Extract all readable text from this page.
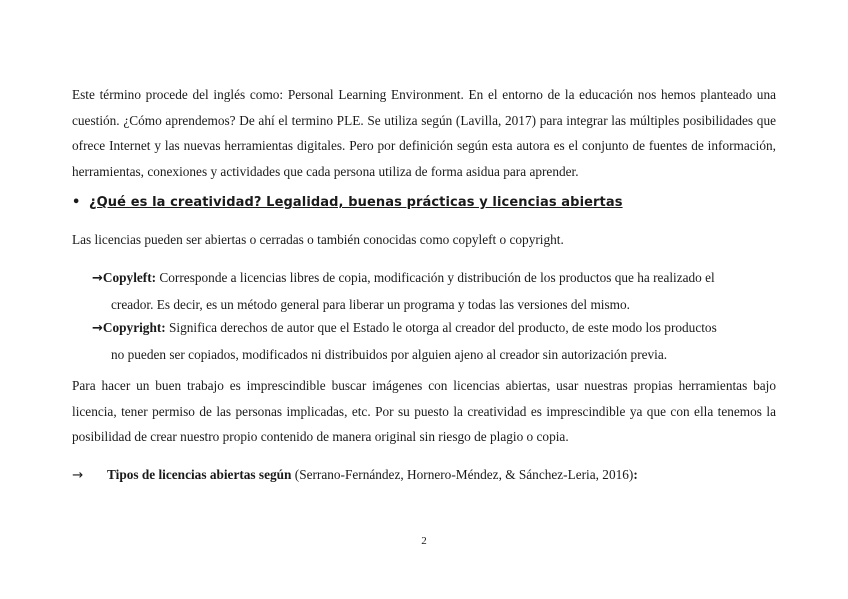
Este término procede del inglés como: Personal Learning Environment. En el entorno de la educación nos hemos planteado una cuestión. ¿Cómo aprendemos? De ahí el termino PLE. Se utiliza según (Lavilla, 2017) para integrar las múltiples posibilidades que ofrece Internet y las nuevas herramientas digitales. Pero por definición según esta autora es el conjunto de fuentes de información, herramientas, conexiones y actividades que cada persona utiliza de forma asidua para aprender.

• ¿Qué es la creatividad? Legalidad, buenas prácticas y licencias abiertas

Las licencias pueden ser abiertas o cerradas o también conocidas como copyleft o copyright.

→Copyleft: Corresponde a licencias libres de copia, modificación y distribución de los productos que ha realizado el
creador. Es decir, es un método general para liberar un programa y todas las versiones del mismo.
→Copyright: Significa derechos de autor que el Estado le otorga al creador del producto, de este modo los productos
no pueden ser copiados, modificados ni distribuidos por alguien ajeno al creador sin autorización previa.

Para hacer un buen trabajo es imprescindible buscar imágenes con licencias abiertas, usar nuestras propias herramientas bajo licencia, tener permiso de las personas implicadas, etc. Por su puesto la creatividad es imprescindible ya que con ella tenemos la posibilidad de crear nuestro propio contenido de manera original sin riesgo de plagio o copia.

→ Tipos de licencias abiertas según (Serrano-Fernández, Hornero-Méndez, & Sánchez-Leria, 2016):
2
